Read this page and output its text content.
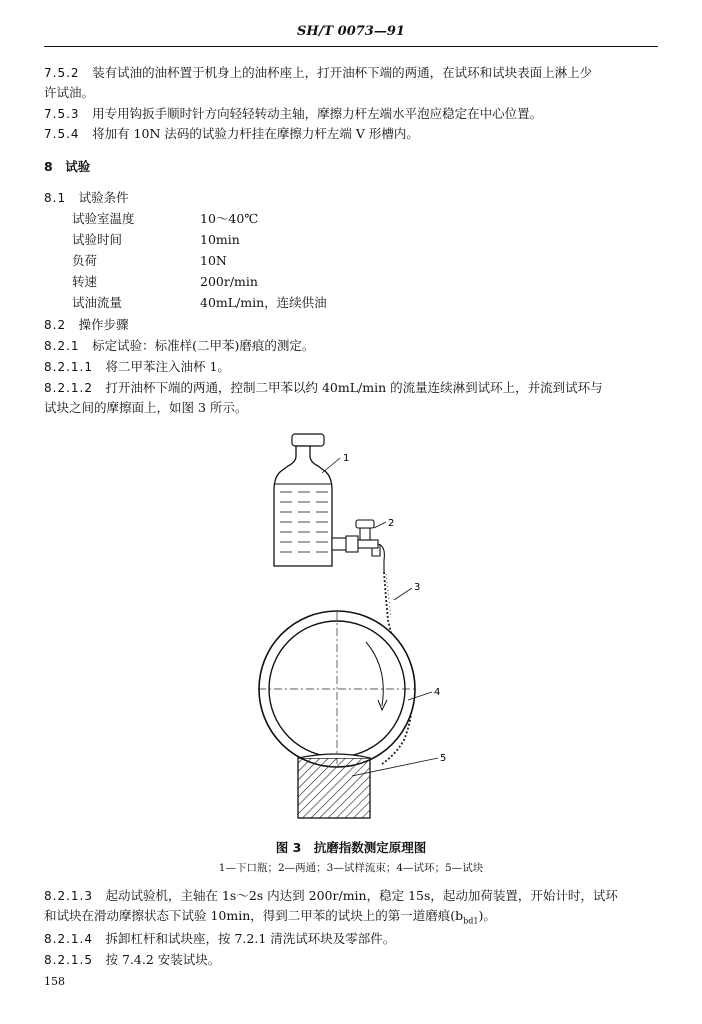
SH/T 0073—91
7.5.2　 装有试油的油杯置于机身上的油杯座上，打开油杯下端的两通，在试环和试块表面上淋上少
许试油。
7.5.3　 用专用钩扳手顺时针方向轻轻转动主轴，摩擦力杆左端水平泡应稳定在中心位置。
7.5.4　 将加有 10N 法码的试验力杆挂在摩擦力杆左端 V 形槽内。
8　 试验
8.1　 试验条件
试验室温度	10～40℃
试验时间	10min
负荷	10N
转速	200r/min
试油流量	40mL/min，连续供油
8.2　 操作步骤
8.2.1　 标定试验：标准样(二甲苯)磨痕的测定。
8.2.1.1　 将二甲苯注入油杯 1。
8.2.1.2　 打开油杯下端的两通，控制二甲苯以约 40mL/min 的流量连续淋到试环上，并流到试环与
试块之间的摩擦面上，如图 3 所示。
1
2
3
4
5
图 3　抗磨指数测定原理图
1—下口瓶；2—两通；3—试样流束；4—试环；5—试块
8.2.1.3　 起动试验机，主轴在 1s～2s 内达到 200r/min，稳定 15s，起动加荷装置，开始计时，试环
和试块在滑动摩擦状态下试验 10min，得到二甲苯的试块上的第一道磨痕$(b_{bd1})$。
8.2.1.4　 拆卸杠杆和试块座，按 7.2.1 清洗试环块及零部件。
8.2.1.5　 按 7.4.2 安装试块。
158
